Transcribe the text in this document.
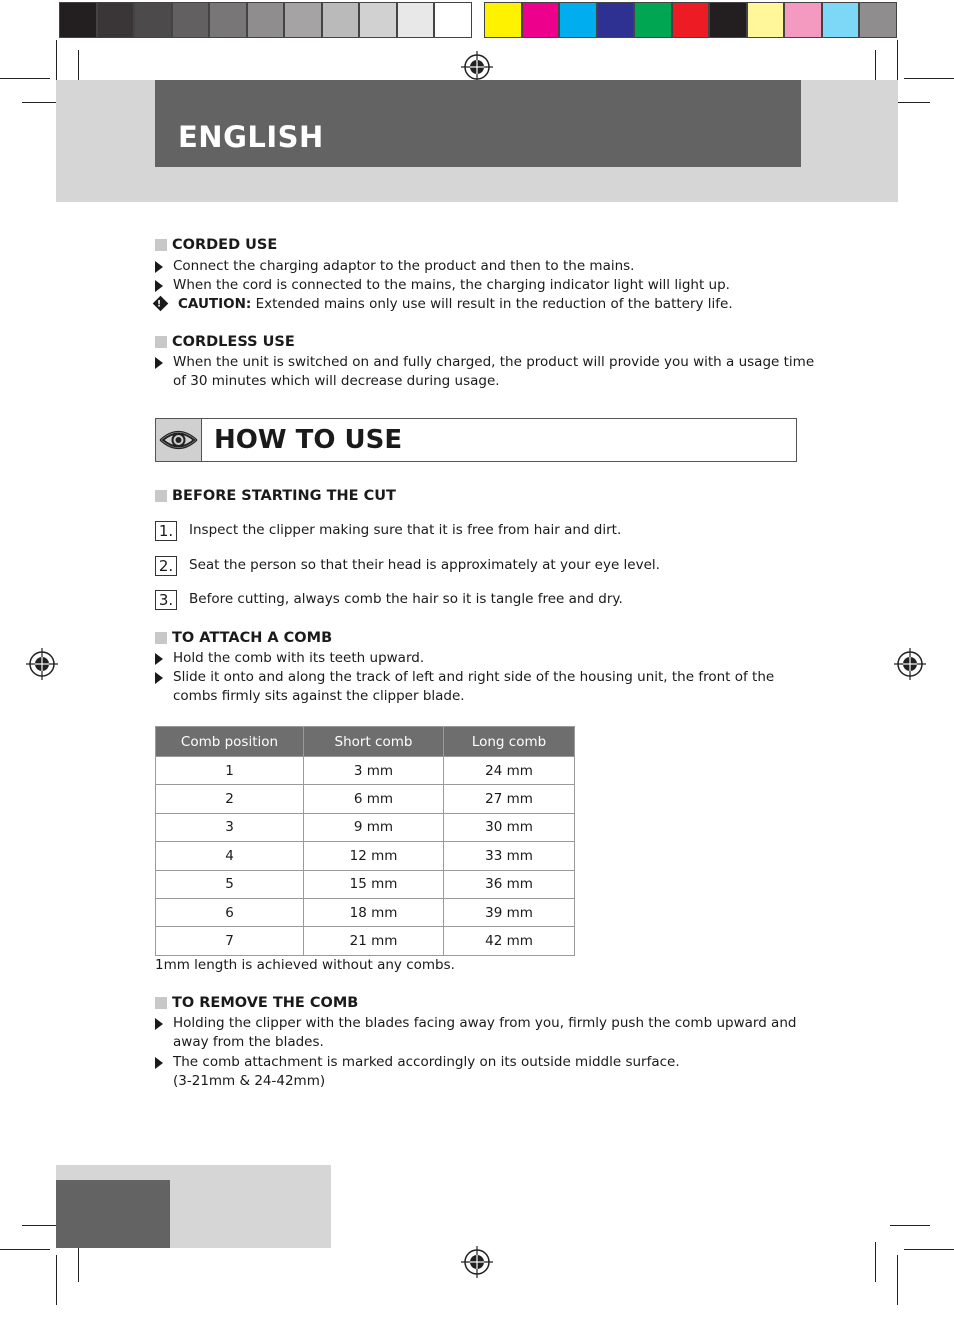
ENGLISH
CORDED USE
Connect the charging adaptor to the product and then to the mains.
When the cord is connected to the mains, the charging indicator light will light up.
! CAUTION: Extended mains only use will result in the reduction of the battery life.
CORDLESS USE
When the unit is switched on and fully charged, the product will provide you with a usage time
of 30 minutes which will decrease during usage.
HOW TO USE
BEFORE STARTING THE CUT
1. Inspect the clipper making sure that it is free from hair and dirt.
2. Seat the person so that their head is approximately at your eye level.
3. Before cutting, always comb the hair so it is tangle free and dry.
TO ATTACH A COMB
Hold the comb with its teeth upward.
Slide it onto and along the track of left and right side of the housing unit, the front of the
combs firmly sits against the clipper blade.
Comb position	Short comb	Long comb
1	3 mm	24 mm
2	6 mm	27 mm
3	9 mm	30 mm
4	12 mm	33 mm
5	15 mm	36 mm
6	18 mm	39 mm
7	21 mm	42 mm
1mm length is achieved without any combs.
TO REMOVE THE COMB
Holding the clipper with the blades facing away from you, firmly push the comb upward and
away from the blades.
The comb attachment is marked accordingly on its outside middle surface.
(3-21mm & 24-42mm)
